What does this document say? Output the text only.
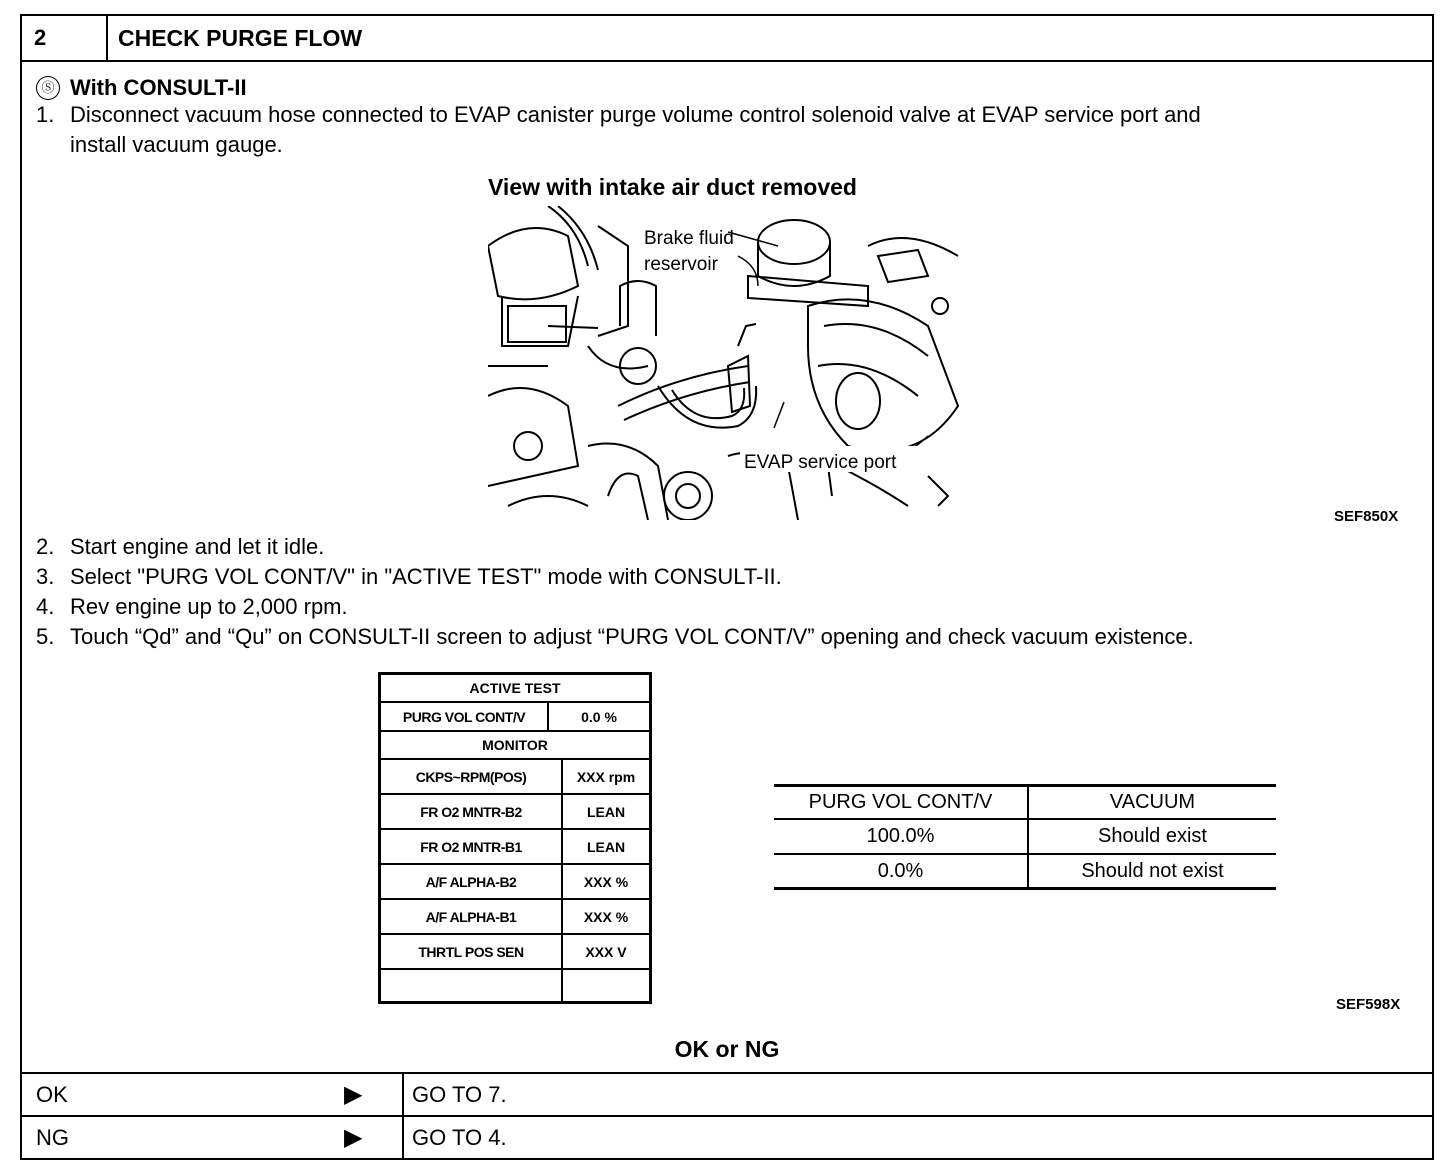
2	CHECK PURGE FLOW
Ⓢ With CONSULT-II
1. Disconnect vacuum hose connected to EVAP canister purge volume control solenoid valve at EVAP service port and
install vacuum gauge.
View with intake air duct removed
Brake fluid
reservoir
EVAP service port
SEF850X
2. Start engine and let it idle.
3. Select "PURG VOL CONT/V" in "ACTIVE TEST" mode with CONSULT-II.
4. Rev engine up to 2,000 rpm.
5. Touch “Qd” and “Qu” on CONSULT-II screen to adjust “PURG VOL CONT/V” opening and check vacuum existence.
ACTIVE TEST
PURG VOL CONT/V	0.0 %
MONITOR
CKPS~RPM(POS)	XXX rpm
FR O2 MNTR-B2	LEAN
FR O2 MNTR-B1	LEAN
A/F ALPHA-B2	XXX %
A/F ALPHA-B1	XXX %
THRTL POS SEN	XXX V
PURG VOL CONT/V	VACUUM
100.0%	Should exist
0.0%	Should not exist
SEF598X
OK or NG
OK	▶ GO TO 7.
NG	▶ GO TO 4.
